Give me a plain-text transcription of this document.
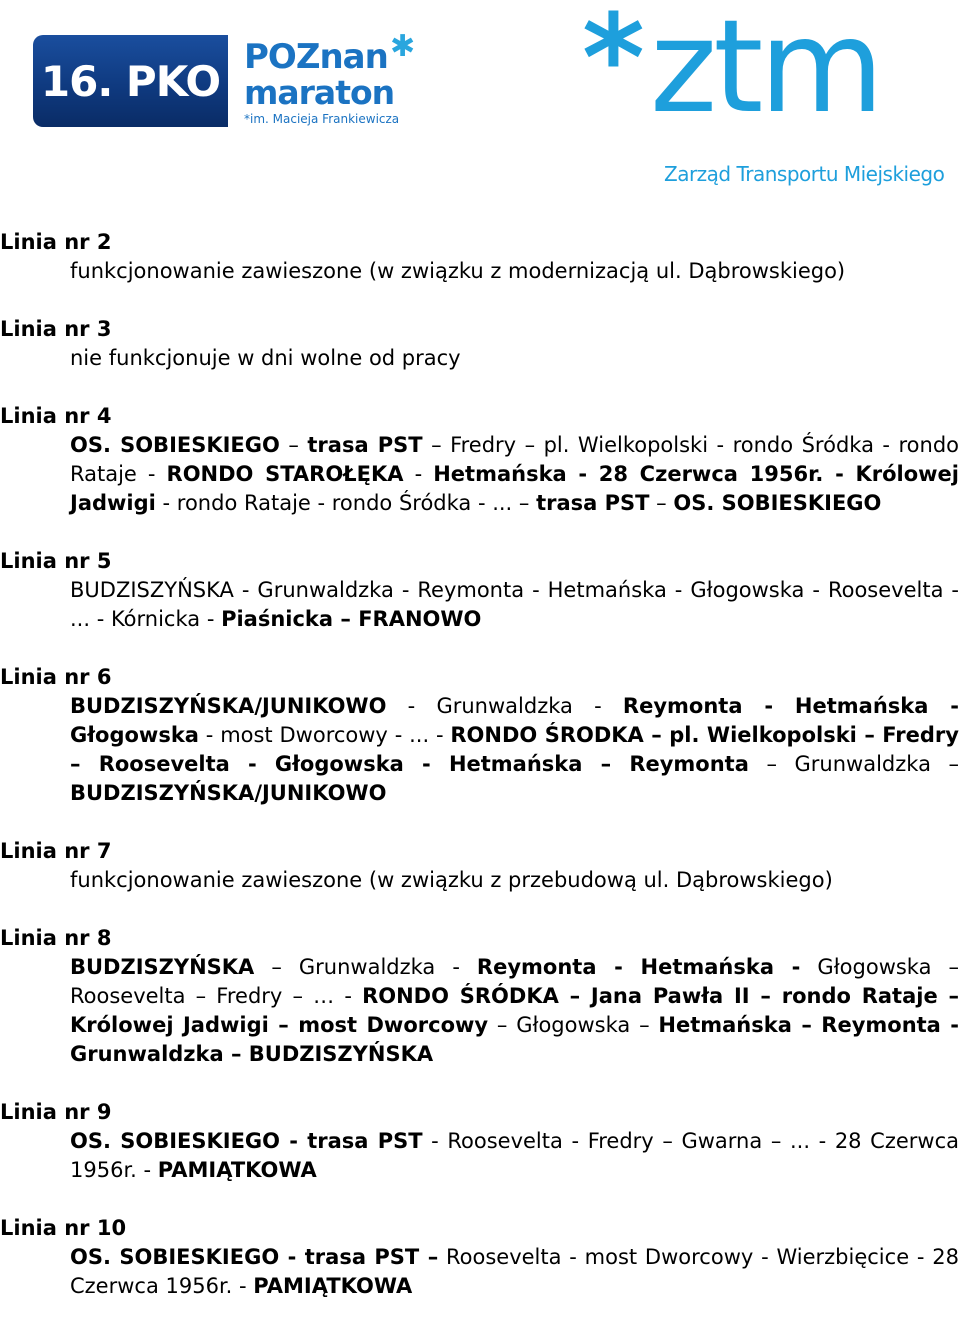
16. PKO
✱
POZnan
maraton
*im. Macieja Frankiewicza * ztm
Zarząd Transportu Miejskiego

Linia nr 2

funkcjonowanie zawieszone (w związku z modernizacją ul. Dąbrowskiego)

Linia nr 3

nie funkcjonuje w dni wolne od pracy

Linia nr 4

OS. SOBIESKIEGO – trasa PST – Fredry – pl. Wielkopolski - rondo Śródka - rondo Rataje - RONDO STAROŁĘKA - Hetmańska - 28 Czerwca 1956r. - Królowej Jadwigi - rondo Rataje - rondo Śródka - ... – trasa PST – OS. SOBIESKIEGO

Linia nr 5

BUDZISZYŃSKA - Grunwaldzka - Reymonta - Hetmańska - Głogowska - Roosevelta - ... - Kórnicka - Piaśnicka – FRANOWO

Linia nr 6

BUDZISZYŃSKA/JUNIKOWO - Grunwaldzka - Reymonta - Hetmańska - Głogowska - most Dworcowy - ... - RONDO ŚRODKA – pl. Wielkopolski – Fredry – Roosevelta - Głogowska - Hetmańska – Reymonta – Grunwaldzka – BUDZISZYŃSKA/JUNIKOWO

Linia nr 7

funkcjonowanie zawieszone (w związku z przebudową ul. Dąbrowskiego)

Linia nr 8

BUDZISZYŃSKA – Grunwaldzka - Reymonta - Hetmańska - Głogowska – Roosevelta – Fredry – … - RONDO ŚRÓDKA – Jana Pawła II – rondo Rataje – Królowej Jadwigi – most Dworcowy – Głogowska – Hetmańska – Reymonta - Grunwaldzka – BUDZISZYŃSKA

Linia nr 9

OS. SOBIESKIEGO - trasa PST - Roosevelta - Fredry – Gwarna – ... - 28 Czerwca 1956r. - PAMIĄTKOWA

Linia nr 10

OS. SOBIESKIEGO - trasa PST – Roosevelta - most Dworcowy - Wierzbięcice - 28 Czerwca 1956r. - PAMIĄTKOWA
